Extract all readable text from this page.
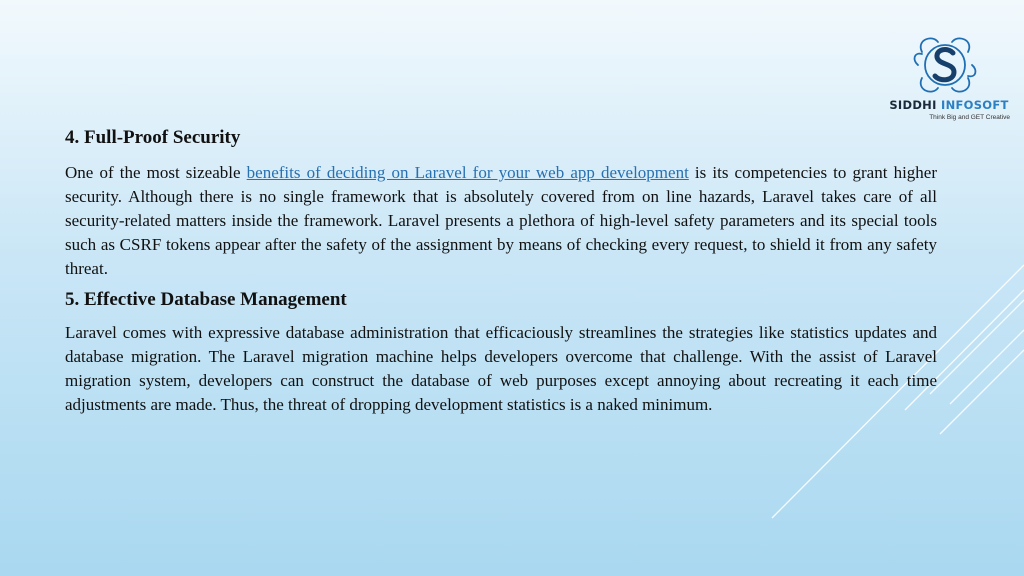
SIDDHI INFOSOFT
Think Big and GET Creative
4. Full-Proof Security

One of the most sizeable benefits of deciding on Laravel for your web app development is its competencies to grant higher security. Although there is no single framework that is absolutely covered from on line hazards, Laravel takes care of all security-related matters inside the framework. Laravel presents a plethora of high-level safety parameters and its special tools such as CSRF tokens appear after the safety of the assignment by means of checking every request, to shield it from any safety threat.

5. Effective Database Management

Laravel comes with expressive database administration that efficaciously streamlines the strategies like statistics updates and database migration. The Laravel migration machine helps developers overcome that challenge. With the assist of Laravel migration system, developers can construct the database of web purposes except annoying about recreating it each time adjustments are made. Thus, the threat of dropping development statistics is a naked minimum.
